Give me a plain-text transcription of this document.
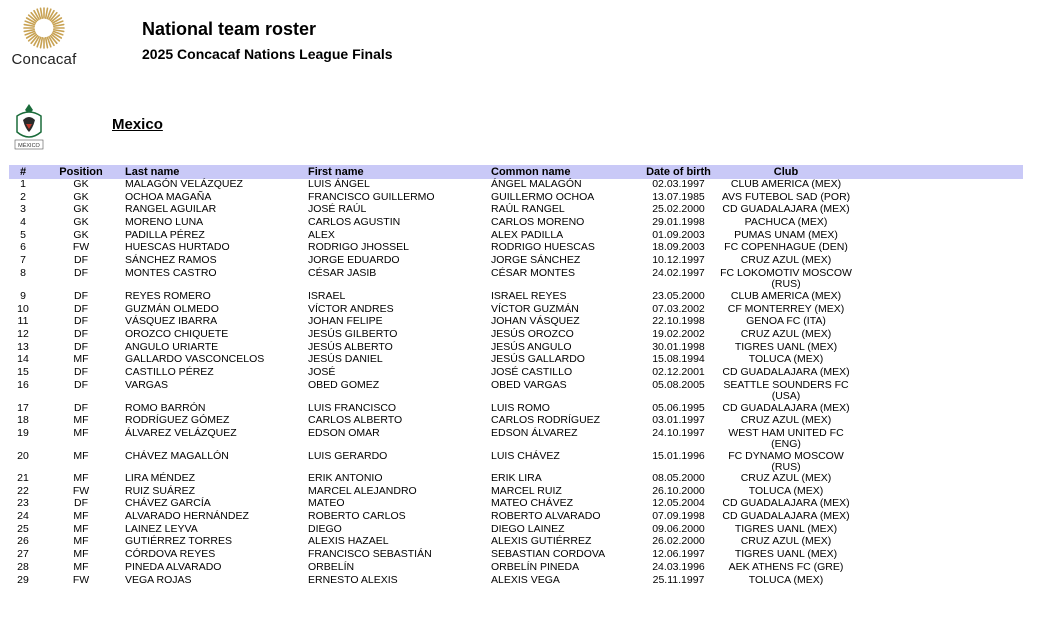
Concacaf
National team roster
2025 Concacaf Nations League Finals
MÉXICO
Mexico
#	Position	Last name	First name	Common name	Date of birth	Club	
1	GK	MALAGÓN VELÁZQUEZ	LUIS ÁNGEL	ÁNGEL MALAGÓN	02.03.1997	CLUB AMERICA (MEX)	
2	GK	OCHOA MAGAÑA	FRANCISCO GUILLERMO	GUILLERMO OCHOA	13.07.1985	AVS FUTEBOL SAD (POR)	
3	GK	RANGEL AGUILAR	JOSÉ RAÚL	RAÚL RANGEL	25.02.2000	CD GUADALAJARA (MEX)	
4	GK	MORENO LUNA	CARLOS AGUSTIN	CARLOS MORENO	29.01.1998	PACHUCA (MEX)	
5	GK	PADILLA PÉREZ	ALEX	ALEX PADILLA	01.09.2003	PUMAS UNAM (MEX)	
6	FW	HUESCAS HURTADO	RODRIGO JHOSSEL	RODRIGO HUESCAS	18.09.2003	FC COPENHAGUE (DEN)	
7	DF	SÁNCHEZ RAMOS	JORGE EDUARDO	JORGE SÁNCHEZ	10.12.1997	CRUZ AZUL (MEX)	
8	DF	MONTES CASTRO	CÉSAR JASIB	CÉSAR MONTES	24.02.1997	FC LOKOMOTIV MOSCOW (RUS)	
9	DF	REYES ROMERO	ISRAEL	ISRAEL REYES	23.05.2000	CLUB AMERICA (MEX)	
10	DF	GUZMÁN OLMEDO	VÍCTOR ANDRES	VÍCTOR GUZMÁN	07.03.2002	CF MONTERREY (MEX)	
11	DF	VÁSQUEZ IBARRA	JOHAN FELIPE	JOHAN VÁSQUEZ	22.10.1998	GENOA FC (ITA)	
12	DF	OROZCO CHIQUETE	JESÚS GILBERTO	JESÚS OROZCO	19.02.2002	CRUZ AZUL (MEX)	
13	DF	ANGULO URIARTE	JESÚS ALBERTO	JESÚS ANGULO	30.01.1998	TIGRES UANL (MEX)	
14	MF	GALLARDO VASCONCELOS	JESÚS DANIEL	JESÚS GALLARDO	15.08.1994	TOLUCA (MEX)	
15	DF	CASTILLO PÉREZ	JOSÉ	JOSÉ CASTILLO	02.12.2001	CD GUADALAJARA (MEX)	
16	DF	VARGAS	OBED GOMEZ	OBED VARGAS	05.08.2005	SEATTLE SOUNDERS FC (USA)	
17	DF	ROMO BARRÓN	LUIS FRANCISCO	LUIS ROMO	05.06.1995	CD GUADALAJARA (MEX)	
18	MF	RODRÍGUEZ GÓMEZ	CARLOS ALBERTO	CARLOS RODRÍGUEZ	03.01.1997	CRUZ AZUL (MEX)	
19	MF	ÁLVAREZ VELÁZQUEZ	EDSON OMAR	EDSON ÁLVAREZ	24.10.1997	WEST HAM UNITED FC (ENG)	
20	MF	CHÁVEZ MAGALLÓN	LUIS GERARDO	LUIS CHÁVEZ	15.01.1996	FC DYNAMO MOSCOW (RUS)	
21	MF	LIRA MÉNDEZ	ERIK ANTONIO	ERIK LIRA	08.05.2000	CRUZ AZUL (MEX)	
22	FW	RUIZ SUÁREZ	MARCEL ALEJANDRO	MARCEL RUIZ	26.10.2000	TOLUCA (MEX)	
23	DF	CHÁVEZ GARCÍA	MATEO	MATEO CHÁVEZ	12.05.2004	CD GUADALAJARA (MEX)	
24	MF	ALVARADO HERNÁNDEZ	ROBERTO CARLOS	ROBERTO ALVARADO	07.09.1998	CD GUADALAJARA (MEX)	
25	MF	LAINEZ LEYVA	DIEGO	DIEGO LAINEZ	09.06.2000	TIGRES UANL (MEX)	
26	MF	GUTIÉRREZ TORRES	ALEXIS HAZAEL	ALEXIS GUTIÉRREZ	26.02.2000	CRUZ AZUL (MEX)	
27	MF	CÓRDOVA REYES	FRANCISCO SEBASTIÁN	SEBASTIAN CORDOVA	12.06.1997	TIGRES UANL (MEX)	
28	MF	PINEDA ALVARADO	ORBELÍN	ORBELÍN PINEDA	24.03.1996	AEK ATHENS FC (GRE)	
29	FW	VEGA ROJAS	ERNESTO ALEXIS	ALEXIS VEGA	25.11.1997	TOLUCA (MEX)	
